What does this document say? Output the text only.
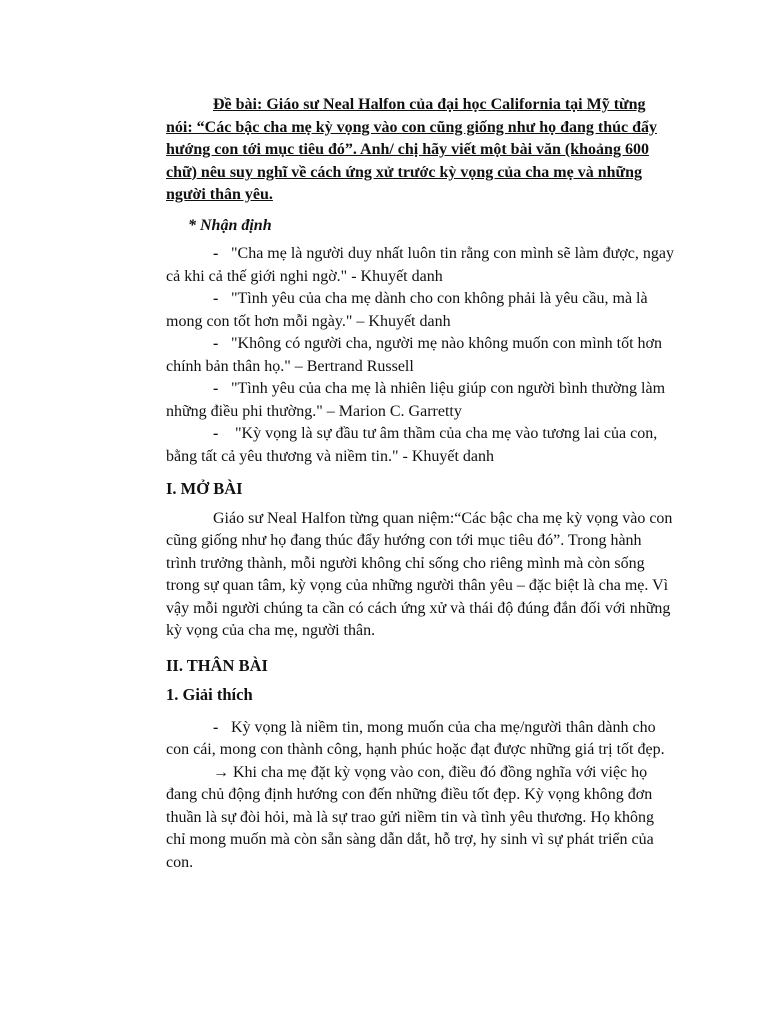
Đề bài: Giáo sư Neal Halfon của đại học California tại Mỹ từng nói: “Các bậc cha mẹ kỳ vọng vào con cũng giống như họ đang thúc đẩy hướng con tới mục tiêu đó”. Anh/ chị hãy viết một bài văn (khoảng 600 chữ) nêu suy nghĩ về cách ứng xử trước kỳ vọng của cha mẹ và những người thân yêu.

* Nhận định

- "Cha mẹ là người duy nhất luôn tin rằng con mình sẽ làm được, ngay cả khi cả thế giới nghi ngờ." - Khuyết danh

- "Tình yêu của cha mẹ dành cho con không phải là yêu cầu, mà là mong con tốt hơn mỗi ngày." – Khuyết danh

- "Không có người cha, người mẹ nào không muốn con mình tốt hơn chính bản thân họ." – Bertrand Russell

- "Tình yêu của cha mẹ là nhiên liệu giúp con người bình thường làm những điều phi thường." – Marion C. Garretty

- "Kỳ vọng là sự đầu tư âm thầm của cha mẹ vào tương lai của con, bằng tất cả yêu thương và niềm tin." - Khuyết danh

I. MỞ BÀI

Giáo sư Neal Halfon từng quan niệm:“Các bậc cha mẹ kỳ vọng vào con cũng giống như họ đang thúc đẩy hướng con tới mục tiêu đó”. Trong hành trình trưởng thành, mỗi người không chỉ sống cho riêng mình mà còn sống trong sự quan tâm, kỳ vọng của những người thân yêu – đặc biệt là cha mẹ. Vì vậy mỗi người chúng ta cần có cách ứng xử và thái độ đúng đắn đối với những kỳ vọng của cha mẹ, người thân.

II. THÂN BÀI

1. Giải thích

- Kỳ vọng là niềm tin, mong muốn của cha mẹ/người thân dành cho con cái, mong con thành công, hạnh phúc hoặc đạt được những giá trị tốt đẹp.

→ Khi cha mẹ đặt kỳ vọng vào con, điều đó đồng nghĩa với việc họ đang chủ động định hướng con đến những điều tốt đẹp. Kỳ vọng không đơn thuần là sự đòi hỏi, mà là sự trao gửi niềm tin và tình yêu thương. Họ không chỉ mong muốn mà còn sẵn sàng dẫn dắt, hỗ trợ, hy sinh vì sự phát triển của con.
